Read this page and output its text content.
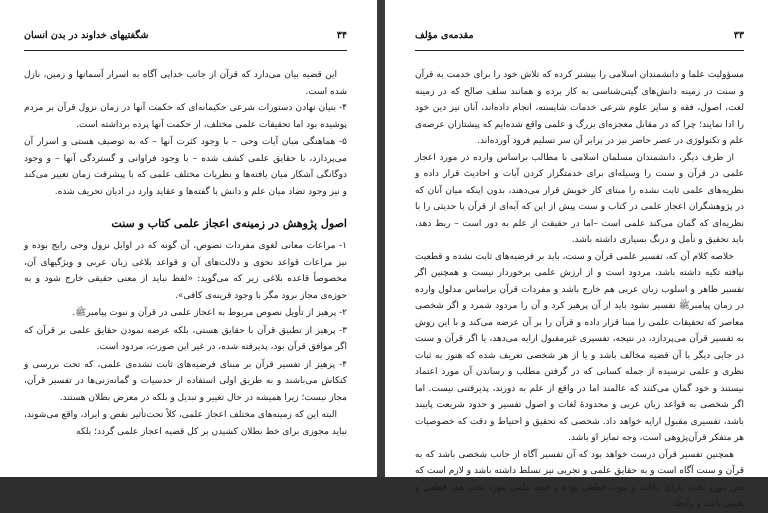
۳۴
شگفتیهای خداوند در بدن انسان

این قضیه بیان می‌دارد که قرآن از جانب خدایی آگاه به اسرار آسمانها و زمین، نازل شده است.

۴- بنیان نهادن دستورات شرعی حکیمانه‌ای که حکمت آنها در زمان نزول قرآن بر مردم پوشیده بود اما تحقیقات علمی مختلف، از حکمت آنها پرده برداشته است.

۵- هماهنگی میان آیات وحی – با وجود کثرت آنها – که به توصیف هستی و اسرار آن می‌پردازد، با حقایق علمی کشف شده – با وجود فراوانی و گستردگی آنها – و وجود دوگانگی آشکار میان یافته‌ها و نظریات مختلف علمی که با پیشرفت زمان تغییر می‌کند و نیز وجود تضاد میان علم و دانش با گفته‌ها و عقاید وارد در ادیان تحریف شده.

اصول پژوهش در زمینه‌ی اعجاز علمی کتاب و سنت

۱- مراعات معانی لغوی مفردات نصوص، آن گونه که در اوایل نزول وحی رایج بوده و نیز مراعات قواعد نحوی و دلالت‌های آن و قواعد بلاغی زبان عربی و ویژگیهای آن، مخصوصاً قاعده بلاغی زیر که می‌گوید: «لفظ نباید از معنی حقیقی خارج شود و به حوزه‌ی مجاز برود مگر با وجود قرینه‌ی کافی».

۲- پرهیز از تأویل نصوص مربوط به اعجاز علمی در قرآن و نبوت پیامبرﷺ.

۳- پرهیز از تطبیق قرآن با حقایق هستی، بلکه عرضه نمودن حقایق علمی بر قرآن که اگر موافق قرآن بود، پذیرفته شده، در غیر این صورت، مردود است.

۴- پرهیز از تفسیر قرآن بر مبنای فرضیه‌های ثابت نشده‌ی علمی، که تحت بررسی و کنکاش می‌باشند و به طریق اولی استفاده از حدسیات و گمانه‌زنی‌ها در تفسیر قرآن، مجاز نیست؛ زیرا همیشه در حال تغییر و تبدیل و بلکه در معرض بطلان هستند.

البته این که زمینه‌های مختلف اعجاز علمی، کلاً تحت‌تأثیر نقص و ایراد، واقع می‌شوند، نباید مجوزی برای خط بطلان کشیدن بر کل قضیه اعجاز علمی گردد؛ بلکه

۳۳
مقدمه‌ی مؤلف

مسؤولیت علما و دانشمندان اسلامی را بیشتر کرده که تلاش خود را برای خدمت به قرآن و سنت در زمینه دانش‌های گیتی‌شناسی به کار برده و همانند سلف صالح که در زمینه لغت، اصول، فقه و سایر علوم شرعی خدمات شایسته، انجام داده‌اند، آنان نیز دین خود را ادا نمایند؛ چرا که در مقابل معجزه‌ای بزرگ و علمی واقع شده‌ایم که پیشتازان عرصه‌ی علم و تکنولوژی در عصر حاضر نیز در برابر آن سر تسلیم فرود آورده‌اند.

از طرف دیگر، دانشمندان مسلمان اسلامی با مطالب براساس وارده در مورد اعجاز علمی در قرآن و سنت را وسیله‌ای برای خدمتگزار کردن آیات و احادیث قرار داده و نظریه‌های علمی ثابت نشده را مبنای کار خویش قرار می‌دهند، بدون اینکه میان آنان که در پژوهشگران اعجاز علمی در کتاب و سنت پیش از این که آیه‌ای از قرآن یا حدیثی را با نظریه‌ای که گمان می‌کند علمی است –اما در حقیقت از علم به دور است – ربط دهد، باید تحقیق و تأمل و درنگ بسیاری داشته باشد.

خلاصه کلام آن که، تفسیر علمی قرآن و سنت، باید بر فرضیه‌های ثابت نشده و قطعیت نیافته تکیه داشته باشد، مردود است و از ارزش علمی برخوردار نیست و همچنین اگر تفسیر ظاهر و اسلوب زبان عربی هم خارج باشد و مفردات قرآن براساس مدلول وارده در زمان پیامبرﷺ تفسیر نشود باید از آن پرهیز کرد و آن را مردود شمرد و اگر شخصی معاصر که تحقیقات علمی را مبنا قرار داده و قرآن را بر آن عرضه می‌کند و با این روش به تفسیر قرآن می‌پردازد، در نتیجه، تفسیری غیرمقبول ارایه می‌دهد، یا اگر قرآن و سنت در جایی دیگر با آن قضیه مخالف باشد و یا از هر شخصی تعریف شده که هنوز به ثبات نظری و علمی نرسیده از جمله کسانی که در گرفتن مطلب و رساندن آن مورد اعتماد نیستند و خود گمان می‌کنند که عالمند اما در واقع از علم به دورند، پذیرفتنی نیست. اما اگر شخصی به قواعد زبان عربی و محدودهٔ لغات و اصول تفسیر و حدود شریعت پایبند باشد، تفسیری مقبول ارایه خواهد داد. شخصی که تحقیق و احتیاط و دقت که خصوصیات هر متفکر قرآن‌پژوهی است، وجه تمایز او باشد.

همچنین تفسیر قرآن درست خواهد بود که آن تفسیر آگاه از جانب شخصی باشد که به قرآن و سنت آگاه است و به حقایق علمی و تجربی نیز تسلط داشته باشد و لازم است که نص مورد بحث دارای دلالت و ثبوت قطعی بوده و جنبه علمی مورد بحث هم، قطعی و یقینی باشد و رابطه
